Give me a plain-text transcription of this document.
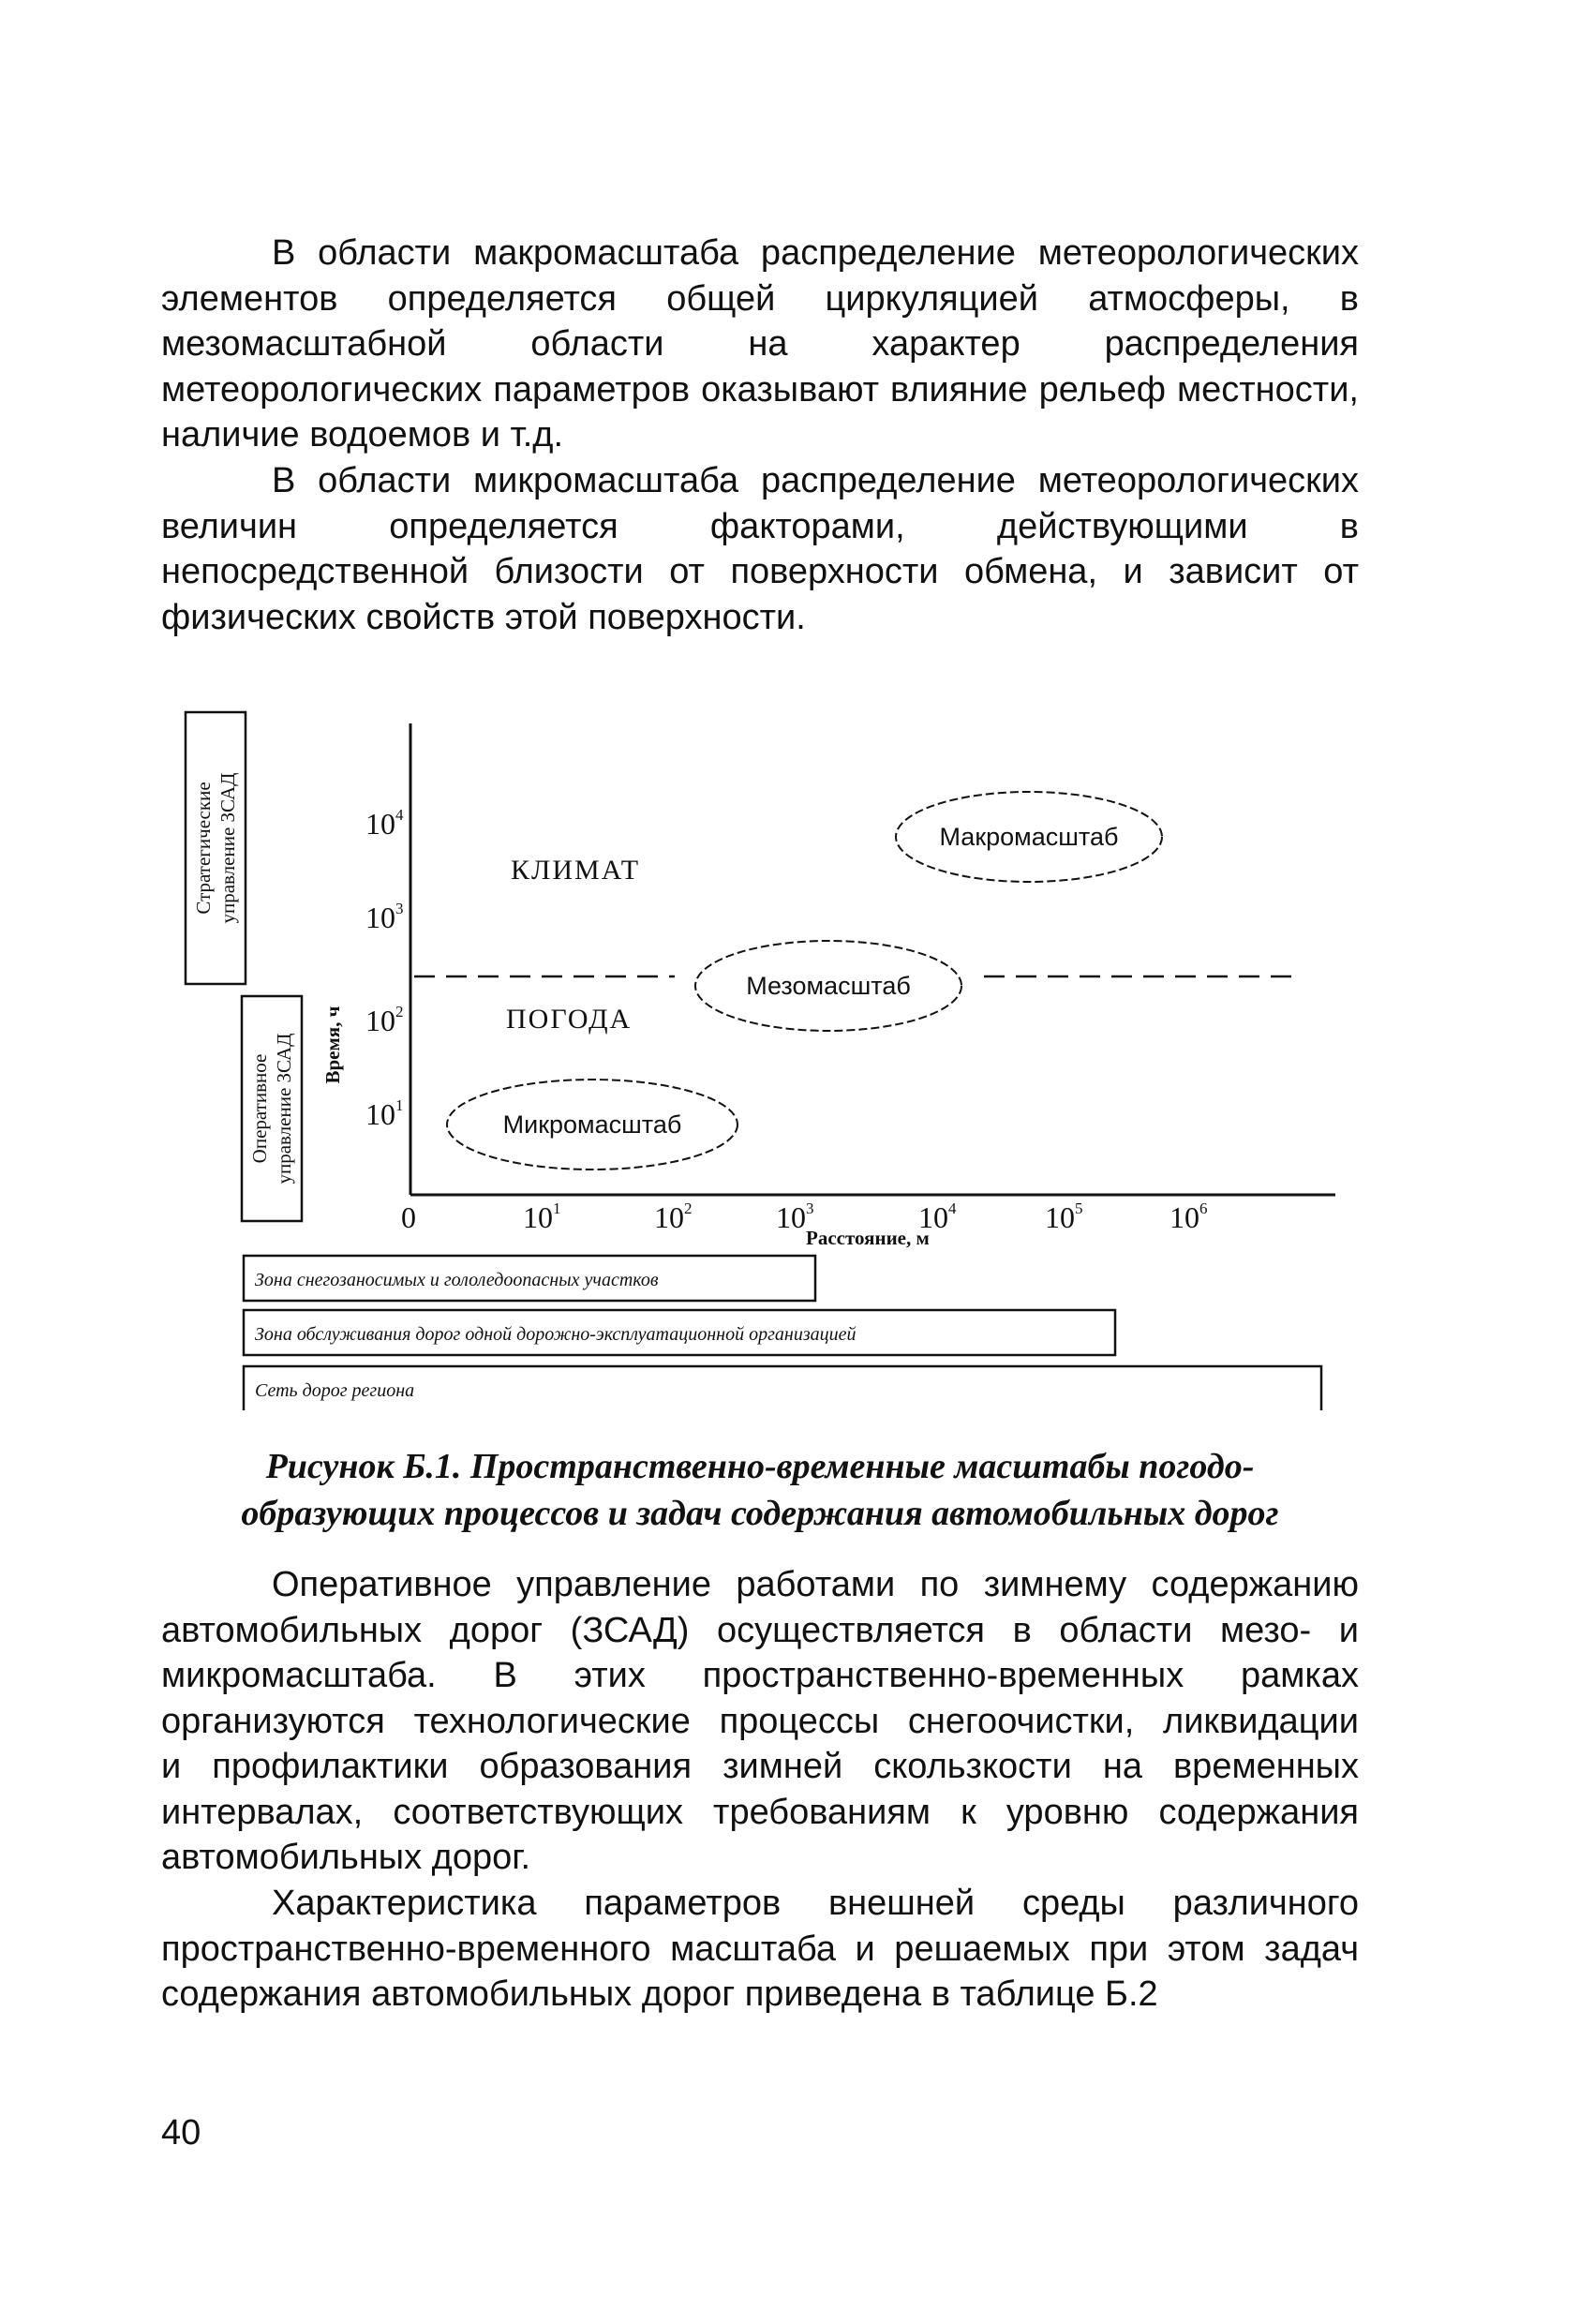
В области макромасштаба распределение метеорологических
элементов определяется общей циркуляцией атмосферы, в
мезомасштабной области на характер распределения
метеорологических параметров оказывают влияние рельеф местности,
наличие водоемов и т.д.

В области микромасштаба распределение метеорологических
величин определяется факторами, действующими в
непосредственной близости от поверхности обмена, и зависит от
физических свойств этой поверхности.

Стратегические управление ЗСАД
Оперативное управление ЗСАД Время, ч
$10^4$
$10^3$
$10^2$
$10^1$
0	$10^1$	$10^2$	$10^3$	$10^4$	$10^5$	$10^6$
Расстояние, м
КЛИМАТ
ПОГОДА
Макромасштаб
Мезомасштаб
Микромасштаб
Зона снегозаносимых и гололедоопасных участков
Зона обслуживания дорог одной дорожно-эксплуатационной организацией
Сеть дорог региона

Рисунок Б.1. Пространственно-временные масштабы погодо-
образующих процессов и задач содержания автомобильных дорог

Оперативное управление работами по зимнему содержанию
автомобильных дорог (ЗСАД) осуществляется в области мезо- и
микромасштаба. В этих пространственно-временных рамках
организуются технологические процессы снегоочистки, ликвидации
и профилактики образования зимней скользкости на временных
интервалах, соответствующих требованиям к уровню содержания
автомобильных дорог.

Характеристика параметров внешней среды различного
пространственно-временного масштаба и решаемых при этом задач
содержания автомобильных дорог приведена в таблице Б.2

40
